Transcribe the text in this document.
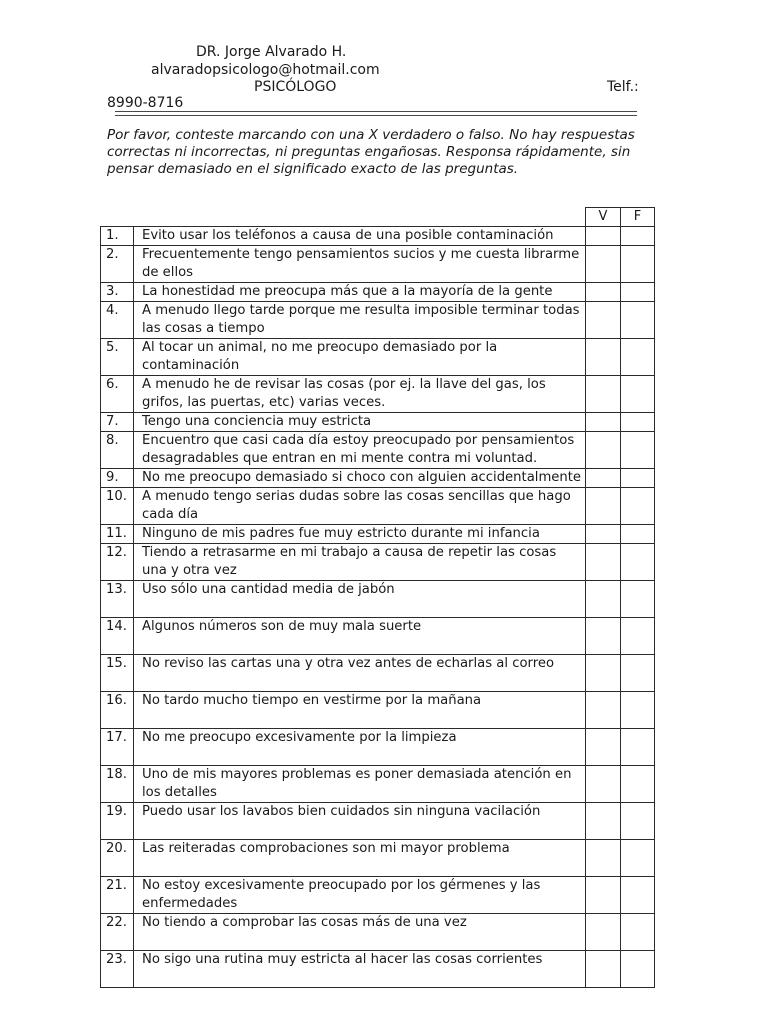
DR. Jorge Alvarado H.
alvaradopsicologo@hotmail.com
PSICÓLOGO	Telf.:
8990-8716

Por favor, conteste marcando con una X verdadero o falso. No hay respuestas correctas ni incorrectas, ni preguntas engañosas. Responsa rápidamente, sin pensar demasiado en el significado exacto de las preguntas.

		V	F
1.	Evito usar los teléfonos a causa de una posible contaminación		
2.	Frecuentemente tengo pensamientos sucios y me cuesta librarme de ellos		
3.	La honestidad me preocupa más que a la mayoría de la gente		
4.	A menudo llego tarde porque me resulta imposible terminar todas las cosas a tiempo		
5.	Al tocar un animal, no me preocupo demasiado por la contaminación		
6.	A menudo he de revisar las cosas (por ej. la llave del gas, los grifos, las puertas, etc) varias veces.		
7.	Tengo una conciencia muy estricta		
8.	Encuentro que casi cada día estoy preocupado por pensamientos desagradables que entran en mi mente contra mi voluntad.		
9.	No me preocupo demasiado si choco con alguien accidentalmente		
10.	A menudo tengo serias dudas sobre las cosas sencillas que hago cada día		
11.	Ninguno de mis padres fue muy estricto durante mi infancia		
12.	Tiendo a retrasarme en mi trabajo a causa de repetir las cosas una y otra vez		
13.	Uso sólo una cantidad media de jabón		
14.	Algunos números son de muy mala suerte		
15.	No reviso las cartas una y otra vez antes de echarlas al correo		
16.	No tardo mucho tiempo en vestirme por la mañana		
17.	No me preocupo excesivamente por la limpieza		
18.	Uno de mis mayores problemas es poner demasiada atención en los detalles		
19.	Puedo usar los lavabos bien cuidados sin ninguna vacilación		
20.	Las reiteradas comprobaciones son mi mayor problema		
21.	No estoy excesivamente preocupado por los gérmenes y las enfermedades		
22.	No tiendo a comprobar las cosas más de una vez		
23.	No sigo una rutina muy estricta al hacer las cosas corrientes		
